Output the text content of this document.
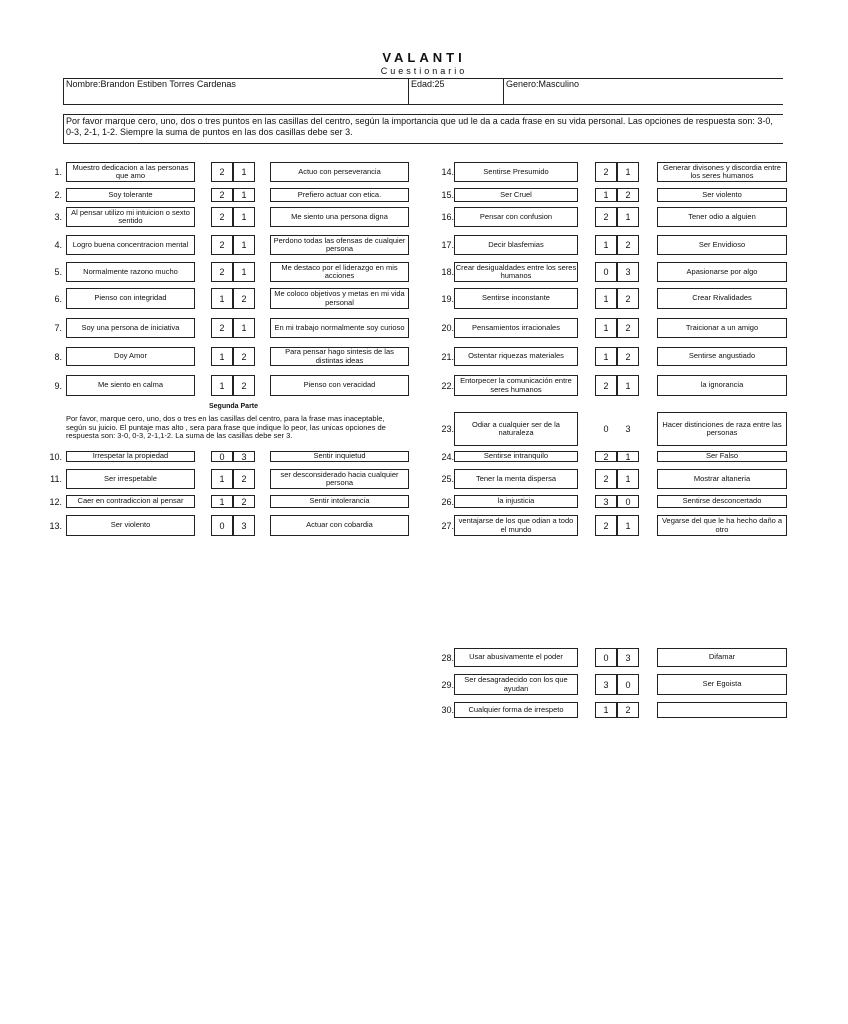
VALANTI
Cuestionario
Nombre:Brandon Estiben Torres Cardenas	Edad:25	Genero:Masculino
Por favor marque cero, uno, dos o tres puntos en las casillas del centro, según la importancia que ud le da a cada frase en su vida personal. Las opciones de respuesta son: 3-0, 0-3, 2-1, 1-2. Siempre la suma de puntos en las dos casillas debe ser 3.
Segunda Parte
Por favor, marque cero, uno, dos o tres en las casillas del centro, para la frase mas inaceptable, según su juicio. El puntaje mas alto , sera para frase que indique lo peor, las unicas opciones de respuesta son: 3-0, 0-3, 2-1,1-2. La suma de las casillas debe ser 3.
1.	Muestro dedicacion a las personas que amo	2	1	Actuo con perseverancia
2.	Soy tolerante	2	1	Prefiero actuar con etica.
3.	Al pensar utilizo mi intuicion o sexto sentido	2	1	Me siento una persona digna
4.	Logro buena concentracion mental	2	1	Perdono todas las ofensas de cualquier persona
5.	Normalmente razono mucho	2	1	Me destaco por el liderazgo en mis acciones
6.	Pienso con integridad	1	2	Me coloco objetivos y metas en mi vida personal
7.	Soy una persona de iniciativa	2	1	En mi trabajo normalmente soy curioso
8.	Doy Amor	1	2	Para pensar hago sintesis de las distintas ideas
9.	Me siento en calma	1	2	Pienso con veracidad
10.	Irrespetar la propiedad	0	3	Sentir inquietud
11.	Ser irrespetable	1	2	ser desconsiderado hacia cualquier persona
12.	Caer en contradiccion al pensar	1	2	Sentir intolerancia
13.	Ser violento	0	3	Actuar con cobardia
14.	Sentirse Presumido	2	1	Generar divisones y discordia entre los seres humanos
15.	Ser Cruel	1	2	Ser violento
16.	Pensar con confusion	2	1	Tener odio a alguien
17.	Decir blasfemias	1	2	Ser Envidioso
18. Crear desigualdades entre los seres humanos	0	3	Apasionarse por algo
19.	Sentirse inconstante	1	2	Crear Rivalidades
20.	Pensamientos irracionales	1	2	Traicionar a un amigo
21.	Ostentar riquezas materiales	1	2	Sentirse angustiado
22. Entorpecer la comunicación entre seres humanos	2	1	la ignorancia
23.	Odiar a cualquier ser de la naturaleza	0	3	Hacer distinciones de raza entre las personas
24.	Sentirse intranquilo	2	1	Ser Falso
25.	Tener la menta dispersa	2	1	Mostrar altaneria
26.	la injusticia	3	0	Sentirse desconcertado
27. ventajarse de los que odian a todo el mundo	2	1	Vegarse del que le ha hecho daño a otro
28.	Usar abusivamente el poder	0	3	Difamar
29.	Ser desagradecido con los que ayudan	3	0	Ser Egoista
30.	Cualquier forma de irrespeto	1	2
